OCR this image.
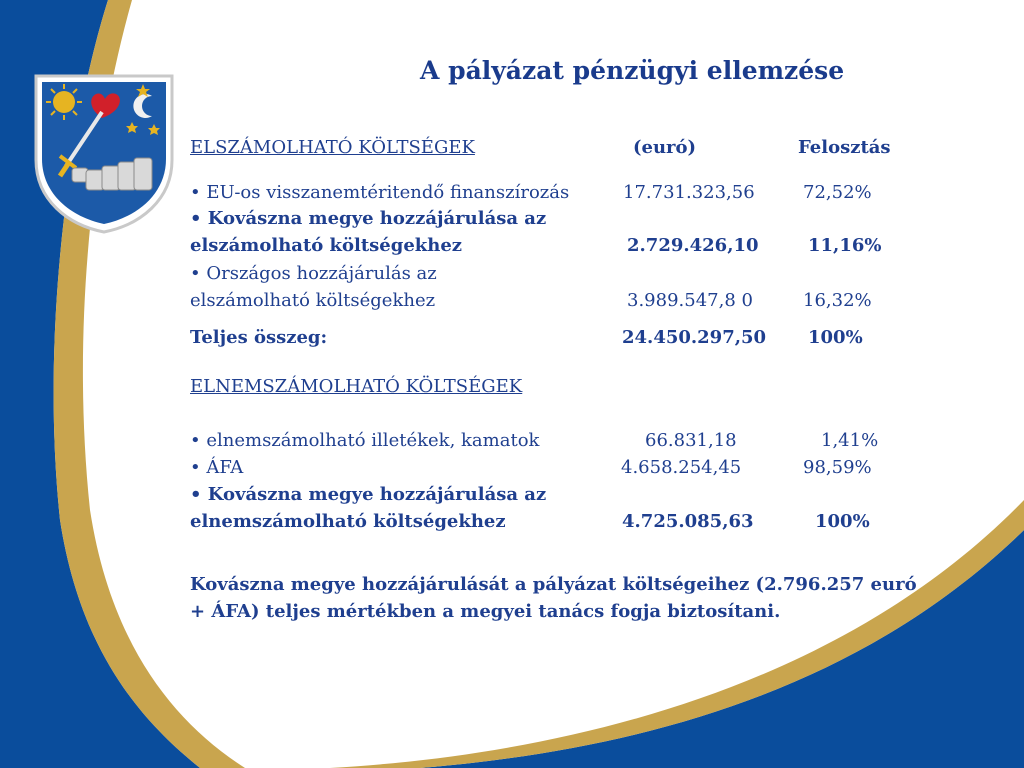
A pályázat pénzügyi ellemzése
ELSZÁMOLHATÓ KÖLTSÉGEK	(euró)	Felosztás
• EU-os visszanemtéritendő finanszírozás	17.731.323,56	72,52%
• Kovászna megye hozzájárulása az
elszámolható költségekhez	2.729.426,10	11,16%
• Országos hozzájárulás az
elszámolható költségekhez	3.989.547,8 0	16,32%
Teljes összeg:	24.450.297,50 100%
ELNEMSZÁMOLHATÓ KÖLTSÉGEK
• elnemszámolható illetékek, kamatok	66.831,18	1,41%
• ÁFA	4.658.254,45	98,59%
• Kovászna megye hozzájárulása az
elnemszámolható költségekhez	4.725.085,63	100%
Kovászna megye hozzájárulását a pályázat költségeihez (2.796.257 euró
+ ÁFA) teljes mértékben a megyei tanács fogja biztosítani.
